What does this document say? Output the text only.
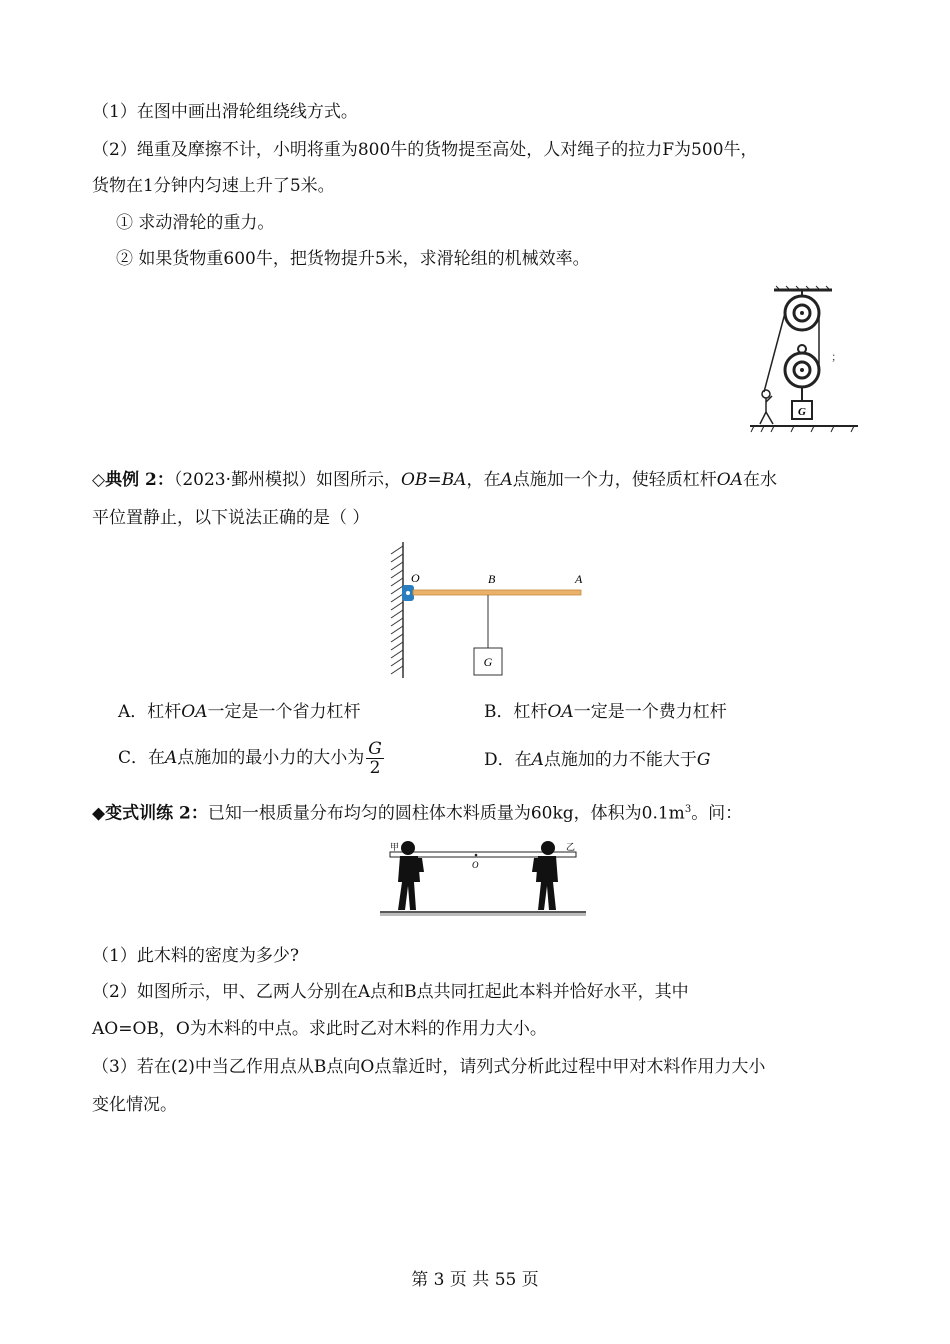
（1）在图中画出滑轮组绕线方式。
（2）绳重及摩擦不计，小明将重为800牛的货物提至高处，人对绳子的拉力F为500牛，
货物在1分钟内匀速上升了5米。
① 求动滑轮的重力。
② 如果货物重600牛，把货物提升5米，求滑轮组的机械效率。
G
;
◇典例 2：（2023·鄞州模拟）如图所示，OB=BA，在A点施加一个力，使轻质杠杆OA在水
平位置静止，以下说法正确的是（ ）
O	B	A
G
A．杠杆OA一定是一个省力杠杆	B．杠杆OA一定是一个费力杠杆
C．在A点施加的最小力的大小为 $\frac{G}{2}$	D．在A点施加的力不能大于G
◆变式训练 2：已知一根质量分布均匀的圆柱体木料质量为60kg，体积为$0.1m^3$。问：
甲	乙
O
（1）此木料的密度为多少?
（2）如图所示，甲、乙两人分别在A点和B点共同扛起此本料并恰好水平，其中
AO=OB，O为木料的中点。求此时乙对木料的作用力大小。
（3）若在(2)中当乙作用点从B点向O点靠近时，请列式分析此过程中甲对木料作用力大小
变化情况。
第 3 页 共 55 页
